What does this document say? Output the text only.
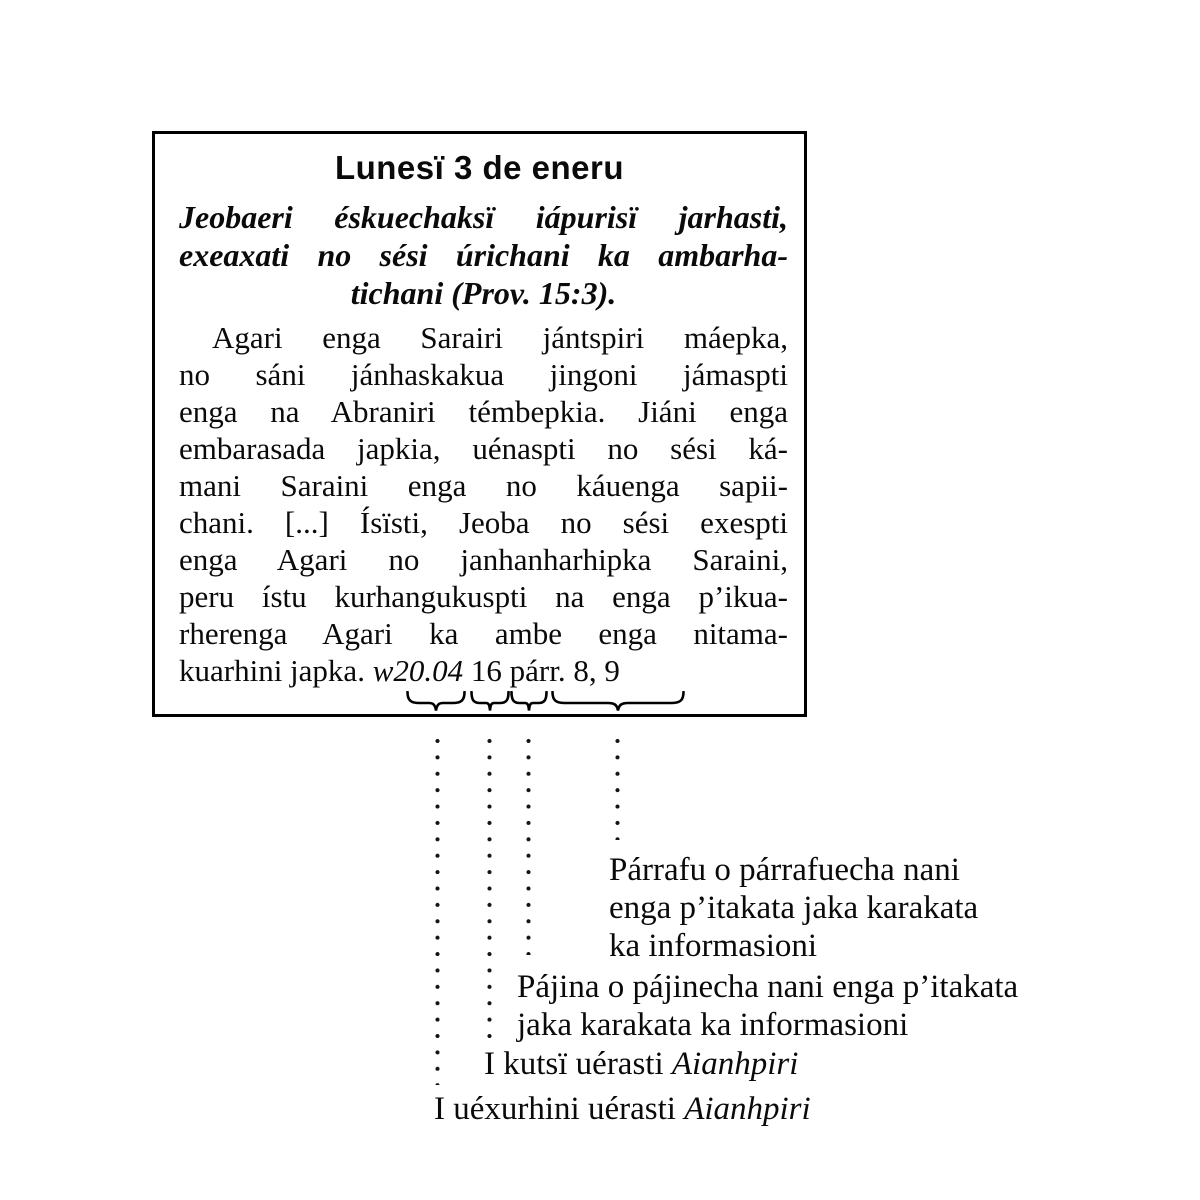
Lunesï 3 de eneru
Jeobaeri éskuechaksï iápurisï jarhasti,
exeaxati no sési úrichani ka ambarha-
tichani (Prov. 15:3).
Agari enga Sarairi jántspiri máepka,
no sáni jánhaskakua jingoni jámaspti
enga na Abraniri témbepkia. Jiáni enga
embarasada japkia, uénaspti no sési ká-
mani Saraini enga no káuenga sapii-
chani. [...] Ísïsti, Jeoba no sési exespti
enga Agari no janhanharhipka Saraini,
peru ístu kurhangukuspti na enga p’ikua-
rherenga Agari ka ambe enga nitama-
kuarhini japka. w20.04 16 párr. 8, 9
Párrafu o párrafuecha nani
enga p’itakata jaka karakata
ka informasioni
Pájina o pájinecha nani enga p’itakata
jaka karakata ka informasioni
I kutsï uérasti Aianhpiri
I uéxurhini uérasti Aianhpiri
